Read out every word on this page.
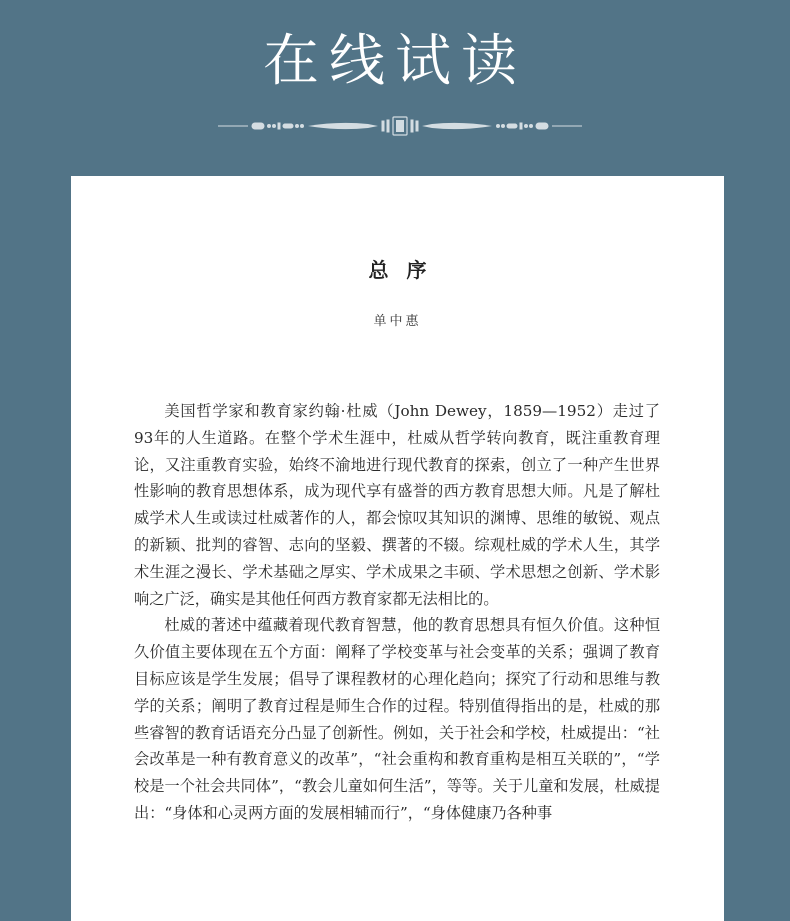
在线试读
总序
单中惠

美国哲学家和教育家约翰·杜威（John Dewey，1859—1952）走过了93年的人生道路。在整个学术生涯中，杜威从哲学转向教育，既注重教育理论，又注重教育实验，始终不渝地进行现代教育的探索，创立了一种产生世界性影响的教育思想体系，成为现代享有盛誉的西方教育思想大师。凡是了解杜威学术人生或读过杜威著作的人，都会惊叹其知识的渊博、思维的敏锐、观点的新颖、批判的睿智、志向的坚毅、撰著的不辍。综观杜威的学术人生，其学术生涯之漫长、学术基础之厚实、学术成果之丰硕、学术思想之创新、学术影响之广泛，确实是其他任何西方教育家都无法相比的。

杜威的著述中蕴藏着现代教育智慧，他的教育思想具有恒久价值。这种恒久价值主要体现在五个方面：阐释了学校变革与社会变革的关系；强调了教育目标应该是学生发展；倡导了课程教材的心理化趋向；探究了行动和思维与教学的关系；阐明了教育过程是师生合作的过程。特别值得指出的是，杜威的那些睿智的教育话语充分凸显了创新性。例如，关于社会和学校，杜威提出：“社会改革是一种有教育意义的改革”，“社会重构和教育重构是相互关联的”，“学校是一个社会共同体”，“教会儿童如何生活”，等等。关于儿童和发展，杜威提出：“身体和心灵两方面的发展相辅而行”，“身体健康乃各种事
